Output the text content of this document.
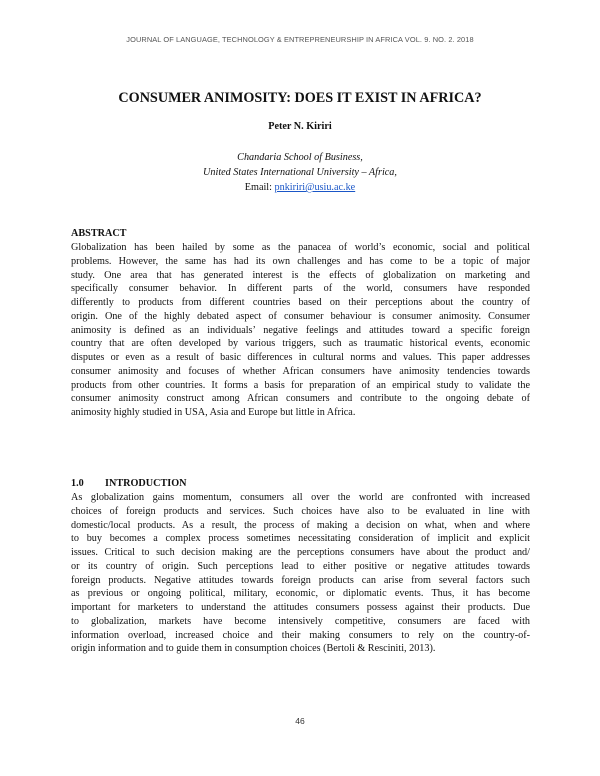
JOURNAL OF LANGUAGE, TECHNOLOGY & ENTREPRENEURSHIP IN AFRICA VOL. 9. NO. 2. 2018
CONSUMER ANIMOSITY: DOES IT EXIST IN AFRICA?
Peter N. Kiriri
Chandaria School of Business,
United States International University – Africa,
Email: pnkiriri@usiu.ac.ke
ABSTRACT
Globalization has been hailed by some as the panacea of world’s economic, social and political
problems. However, the same has had its own challenges and has come to be a topic of major
study. One area that has generated interest is the effects of globalization on marketing and
specifically consumer behavior. In different parts of the world, consumers have responded
differently to products from different countries based on their perceptions about the country of
origin. One of the highly debated aspect of consumer behaviour is consumer animosity. Consumer
animosity is defined as an individuals’ negative feelings and attitudes toward a specific foreign
country that are often developed by various triggers, such as traumatic historical events, economic
disputes or even as a result of basic differences in cultural norms and values. This paper addresses
consumer animosity and focuses of whether African consumers have animosity tendencies towards
products from other countries. It forms a basis for preparation of an empirical study to validate the
consumer animosity construct among African consumers and contribute to the ongoing debate of
animosity highly studied in USA, Asia and Europe but little in Africa.
1.0 INTRODUCTION
As globalization gains momentum, consumers all over the world are confronted with increased
choices of foreign products and services. Such choices have also to be evaluated in line with
domestic/local products. As a result, the process of making a decision on what, when and where
to buy becomes a complex process sometimes necessitating consideration of implicit and explicit
issues. Critical to such decision making are the perceptions consumers have about the product and/
or its country of origin. Such perceptions lead to either positive or negative attitudes towards
foreign products. Negative attitudes towards foreign products can arise from several factors such
as previous or ongoing political, military, economic, or diplomatic events. Thus, it has become
important for marketers to understand the attitudes consumers possess against their products. Due
to globalization, markets have become intensively competitive, consumers are faced with
information overload, increased choice and their making consumers to rely on the country-of-
origin information and to guide them in consumption choices (Bertoli & Resciniti, 2013).
46
